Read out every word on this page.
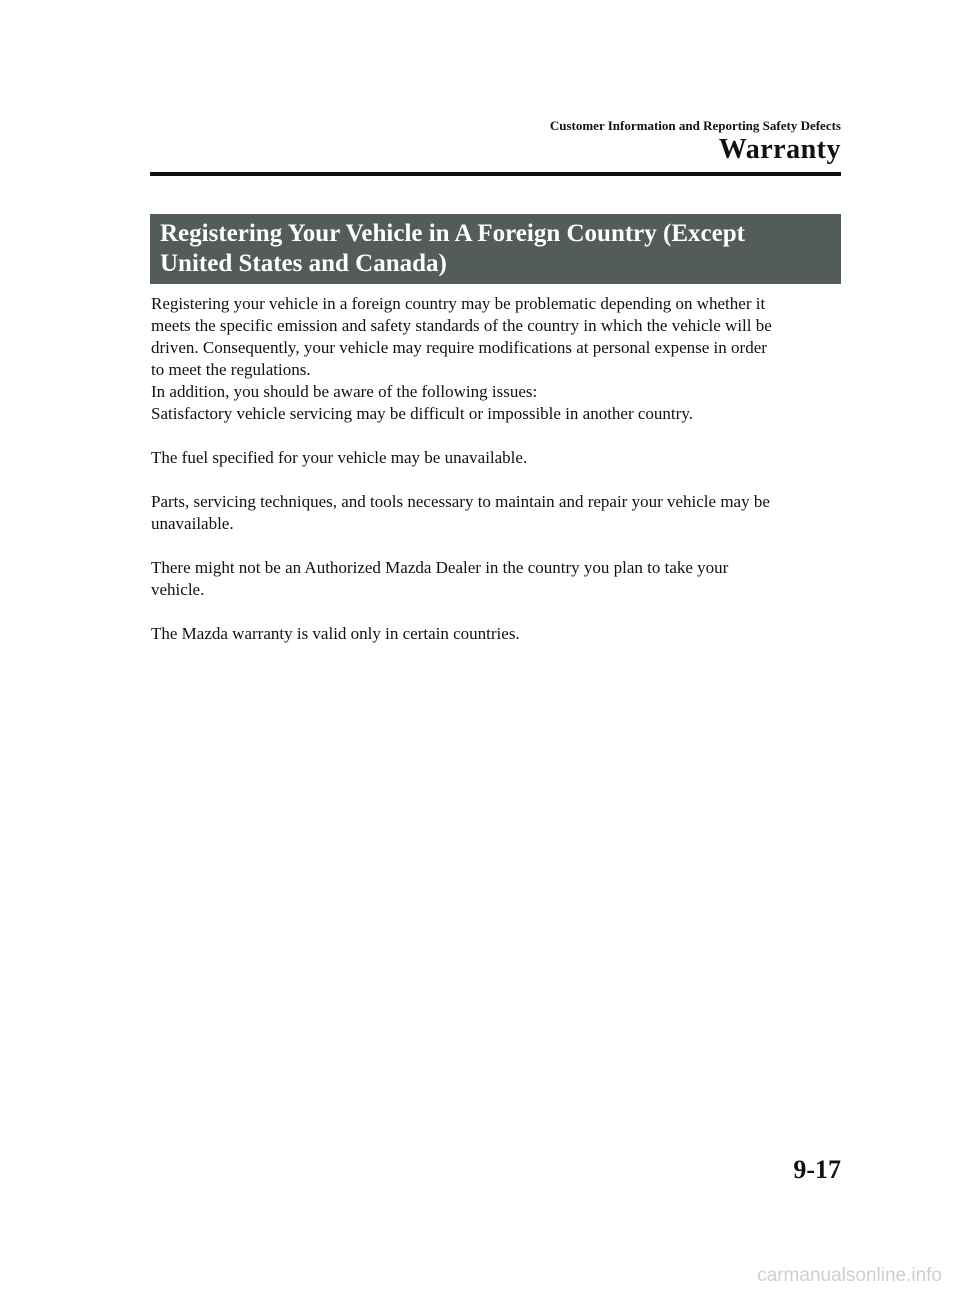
Customer Information and Reporting Safety Defects
Warranty
Registering Your Vehicle in A Foreign Country (Except
United States and Canada)

Registering your vehicle in a foreign country may be problematic depending on whether it

meets the specific emission and safety standards of the country in which the vehicle will be

driven. Consequently, your vehicle may require modifications at personal expense in order

to meet the regulations.

In addition, you should be aware of the following issues:

Satisfactory vehicle servicing may be difficult or impossible in another country.

The fuel specified for your vehicle may be unavailable.

Parts, servicing techniques, and tools necessary to maintain and repair your vehicle may be

unavailable.

There might not be an Authorized Mazda Dealer in the country you plan to take your

vehicle.

The Mazda warranty is valid only in certain countries.

9-17
carmanualsonline.info
